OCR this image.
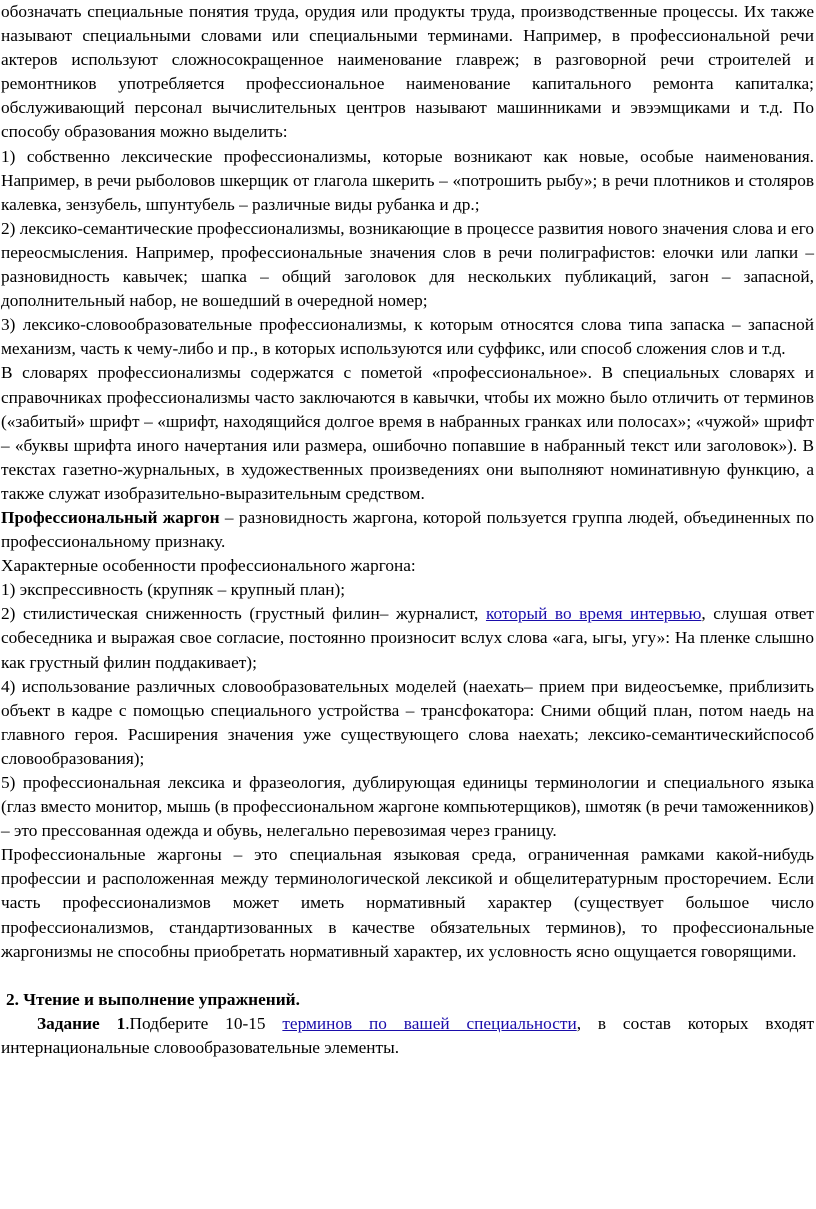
обозначать специальные понятия труда, орудия или продукты труда, производственные процессы. Их также называют специальными словами или специальными терминами. Например, в профессиональной речи актеров используют сложносокращенное наименование главреж; в разговорной речи строителей и ремонтников употребляется профессиональное наименование капитального ремонта капиталка; обслуживающий персонал вычислительных центров называют машинниками и эвээмщиками и т.д. По способу образования можно выделить:

1) собственно лексические профессионализмы, которые возникают как новые, особые наименования. Например, в речи рыболовов шкерщик от глагола шкерить – «потрошить рыбу»; в речи плотников и столяров калевка, зензубель, шпунтубель – различные виды рубанка и др.;

2) лексико-семантические профессионализмы, возникающие в процессе развития нового значения слова и его переосмысления. Например, профессиональные значения слов в речи полиграфистов: елочки или лапки – разновидность кавычек; шапка – общий заголовок для нескольких публикаций, загон – запасной, дополнительный набор, не вошедший в очередной номер;

3) лексико-словообразовательные профессионализмы, к которым относятся слова типа запаска – запасной механизм, часть к чему-либо и пр., в которых используются или суффикс, или способ сложения слов и т.д.

В словарях профессионализмы содержатся с пометой «профессиональное». В специальных словарях и справочниках профессионализмы часто заключаются в кавычки, чтобы их можно было отличить от терминов («забитый» шрифт – «шрифт, находящийся долгое время в набранных гранках или полосах»; «чужой» шрифт – «буквы шрифта иного начертания или размера, ошибочно попавшие в набранный текст или заголовок»). В текстах газетно-журнальных, в художественных произведениях они выполняют номинативную функцию, а также служат изобразительно-выразительным средством.

Профессиональный жаргон – разновидность жаргона, которой пользуется группа людей, объединенных по профессиональному признаку.

Характерные особенности профессионального жаргона:

1) экспрессивность (крупняк – крупный план);

2) стилистическая сниженность (грустный филин– журналист, который во время интервью, слушая ответ собеседника и выражая свое согласие, постоянно произносит вслух слова «ага, ыгы, угу»: На пленке слышно как грустный филин поддакивает);

4) использование различных словообразовательных моделей (наехать– прием при видеосъемке, приблизить объект в кадре с помощью специального устройства – трансфокатора: Сними общий план, потом наедь на главного героя. Расширения значения уже существующего слова наехать; лексико-семантическийспособ словообразования);

5) профессиональная лексика и фразеология, дублирующая единицы терминологии и специального языка (глаз вместо монитор, мышь (в профессиональном жаргоне компьютерщиков), шмотяк (в речи таможенников) – это прессованная одежда и обувь, нелегально перевозимая через границу.

Профессиональные жаргоны – это специальная языковая среда, ограниченная рамками какой-нибудь профессии и расположенная между терминологической лексикой и общелитературным просторечием. Если часть профессионализмов может иметь нормативный характер (существует большое число профессионализмов, стандартизованных в качестве обязательных терминов), то профессиональные жаргонизмы не способны приобретать нормативный характер, их условность ясно ощущается говорящими.

2. Чтение и выполнение упражнений.

Задание 1.Подберите 10-15 терминов по вашей специальности, в состав которых входят интернациональные словообразовательные элементы.
